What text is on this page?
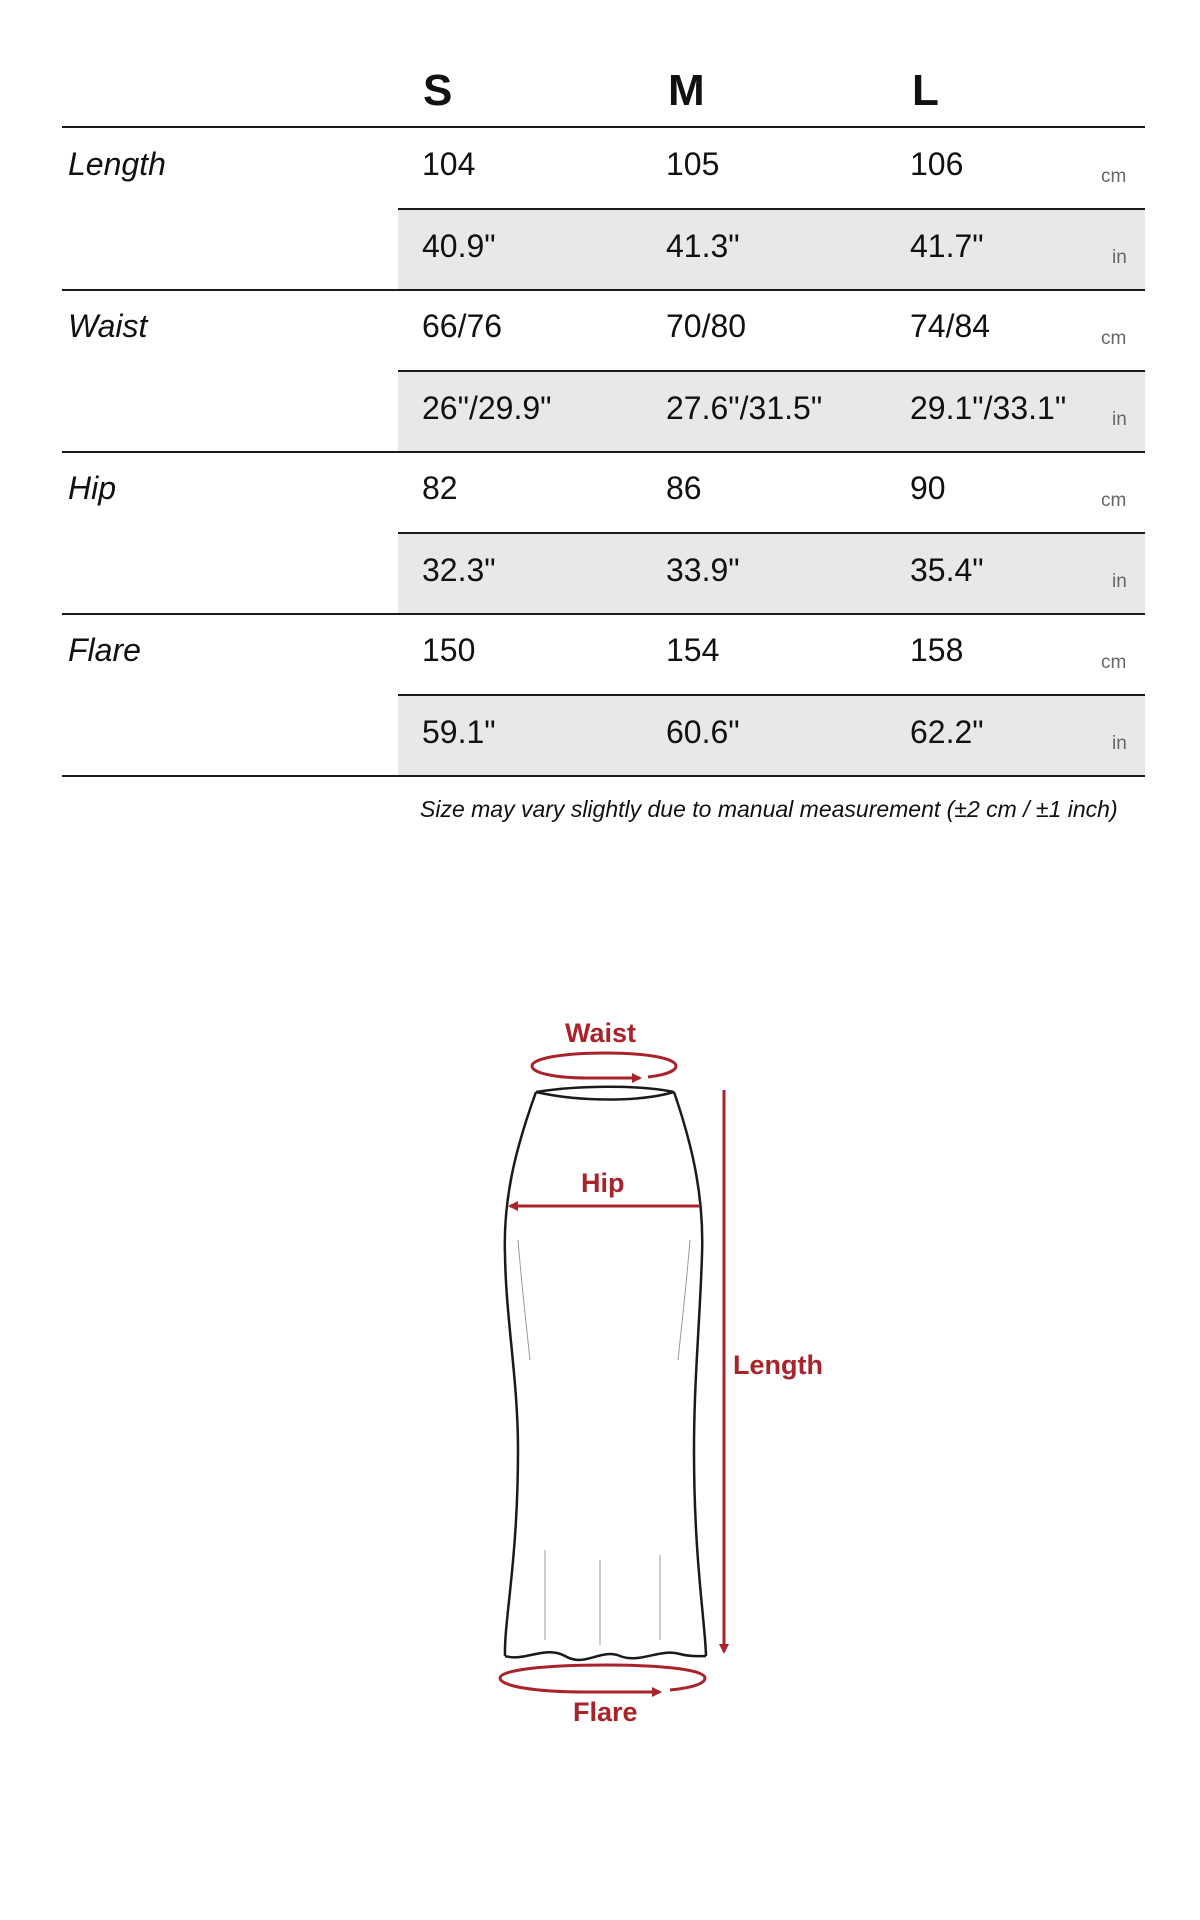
S	M	L
Length	104	105	106	cm
40.9"	41.3"	41.7"	in
Waist	66/76	70/80	74/84	cm
26"/29.9"	27.6"/31.5"	29.1"/33.1" in
Hip	82	86	90	cm
32.3"	33.9"	35.4"	in
Flare	150	154	158	cm
59.1"	60.6"	62.2"	in
Size may vary slightly due to manual measurement (±2 cm / ±1 inch)
Waist
Hip
Length
Flare
